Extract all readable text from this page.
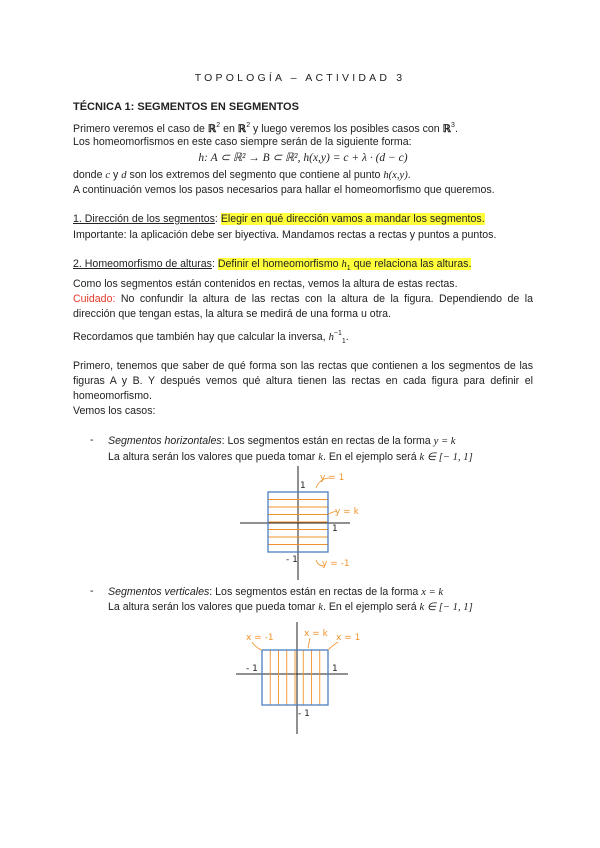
TOPOLOGÍA – ACTIVIDAD 3
TÉCNICA 1: SEGMENTOS EN SEGMENTOS
Primero veremos el caso de ℝ$^2$ en ℝ$^2$ y luego veremos los posibles casos con ℝ$^3$.
Los homeomorfismos en este caso siempre serán de la siguiente forma:
h: A ⊂ ℝ² → B ⊂ ℝ², h(x,y) = c + λ · (d − c)
donde c y d son los extremos del segmento que contiene al punto h(x,y).
A continuación vemos los pasos necesarios para hallar el homeomorfismo que queremos.
1. Dirección de los segmentos: Elegir en qué dirección vamos a mandar los segmentos.
Importante: la aplicación debe ser biyectiva. Mandamos rectas a rectas y puntos a puntos.
2. Homeomorfismo de alturas: Definir el homeomorfismo $h_1$ que relaciona las alturas.
Como los segmentos están contenidos en rectas, vemos la altura de estas rectas.
Cuidado: No confundir la altura de las rectas con la altura de la figura. Dependiendo de la dirección que tengan estas, la altura se medirá de una forma u otra.
Recordamos que también hay que calcular la inversa, $h^{-1}_1$.
Primero, tenemos que saber de qué forma son las rectas que contienen a los segmentos de las figuras A y B. Y después vemos qué altura tienen las rectas en cada figura para definir el homeomorfismo.
Vemos los casos:
- Segmentos horizontales: Los segmentos están en rectas de la forma y = k
La altura serán los valores que pueda tomar k. En el ejemplo será k ∈ [− 1, 1]
1
1
- 1
y = 1
y = k
y = -1
- Segmentos verticales: Los segmentos están en rectas de la forma x = k
La altura serán los valores que pueda tomar k. En el ejemplo será k ∈ [− 1, 1]
- 1	1
- 1
x = -1	x = k x = 1
